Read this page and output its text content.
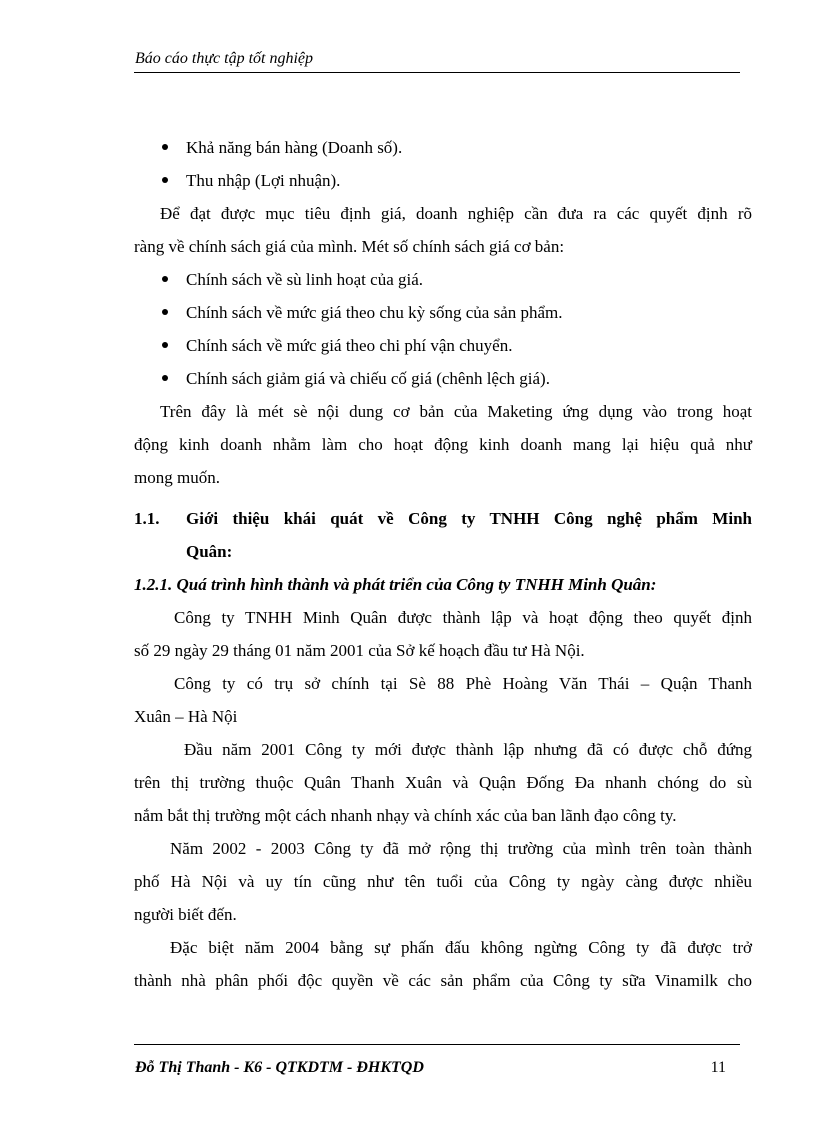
Báo cáo thực tập tốt nghiệp
Khả năng bán hàng (Doanh số).
Thu nhập (Lợi nhuận).
Để đạt được mục tiêu định giá, doanh nghiệp cần đưa ra các quyết định rõ
ràng về chính sách giá của mình. Mét số chính sách giá cơ bản:
Chính sách về sù linh hoạt của giá.
Chính sách về mức giá theo chu kỳ sống của sản phẩm.
Chính sách về mức giá theo chi phí vận chuyển.
Chính sách giảm giá và chiếu cố giá (chênh lệch giá).
Trên đây là mét sè nội dung cơ bản của Maketing ứng dụng vào trong hoạt
động kinh doanh nhằm làm cho hoạt động kinh doanh mang lại hiệu quả như
mong muốn.
1.1. Giới thiệu khái quát về Công ty TNHH Công nghệ phẩm Minh
Quân:
1.2.1. Quá trình hình thành và phát triển của Công ty TNHH Minh Quân:
Công ty TNHH Minh Quân được thành lập và hoạt động theo quyết định
số 29 ngày 29 tháng 01 năm 2001 của Sở kế hoạch đầu tư Hà Nội.
Công ty có trụ sở chính tại Sè 88 Phè Hoàng Văn Thái – Quận Thanh
Xuân – Hà Nội
Đầu năm 2001 Công ty mới được thành lập nhưng đã có được chỗ đứng
trên thị trường thuộc Quân Thanh Xuân và Quận Đống Đa nhanh chóng do sù
nắm bắt thị trường một cách nhanh nhạy và chính xác của ban lãnh đạo công ty.
Năm 2002 - 2003 Công ty đã mở rộng thị trường của mình trên toàn thành
phố Hà Nội và uy tín cũng như tên tuổi của Công ty ngày càng được nhiều
người biết đến.
Đặc biệt năm 2004 bằng sự phấn đấu không ngừng Công ty đã được trở
thành nhà phân phối độc quyền về các sản phẩm của Công ty sữa Vinamilk cho
Đỗ Thị Thanh - K6 - QTKDTM - ĐHKTQD	11
